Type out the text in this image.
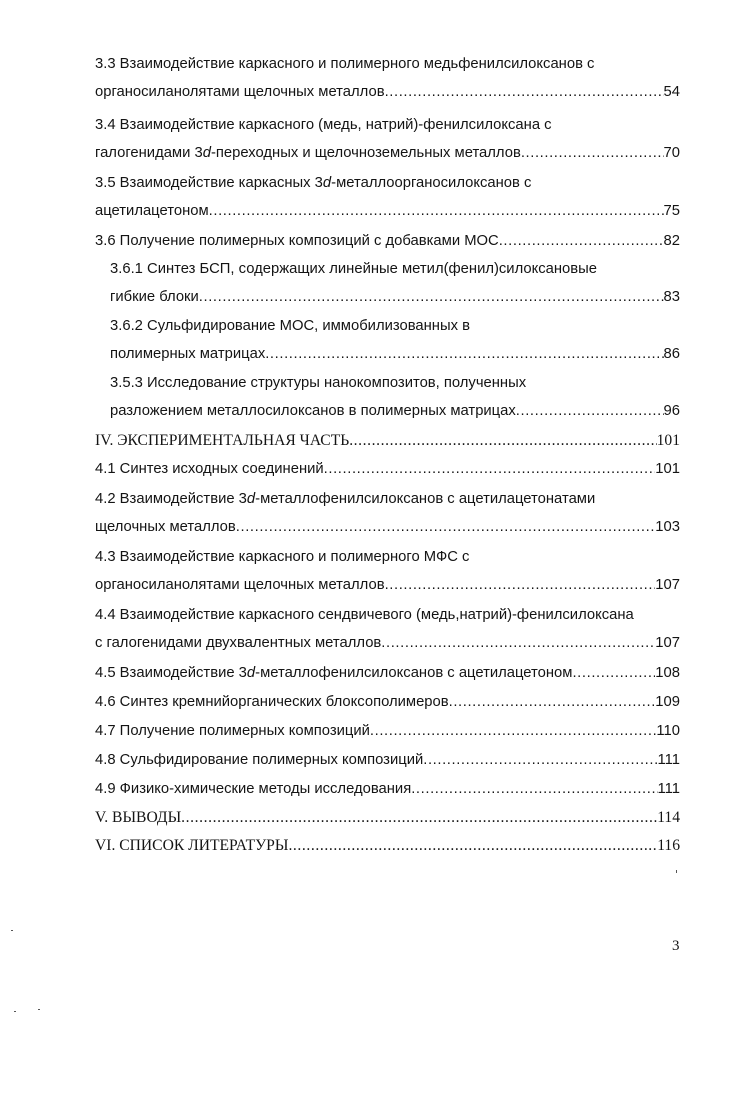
3.3 Взаимодействие каркасного и полимерного медьфенилсилоксанов с
органосиланолятами щелочных металлов .....	54
3.4 Взаимодействие каркасного (медь, натрий)-фенилсилоксана с
галогенидами 3d-переходных и щелочноземельных металлов .....	70
3.5 Взаимодействие каркасных 3 d -металлоорганосилоксанов с
ацетилацетоном .....	75
3.6 Получение полимерных композиций с добавками МОС .....	82
3.6.1 Синтез БСП, содержащих линейные метил(фенил)силоксановые
гибкие блоки .....	83
3.6.2 Сульфидирование МОС, иммобилизованных в
полимерных матрицах .....	86
3.5.3 Исследование структуры нанокомпозитов, полученных
разложением металлосилоксанов в полимерных матрицах .....	96
IV. ЭКСПЕРИМЕНТАЛЬНАЯ ЧАСТЬ .....	101
4.1 Синтез исходных соединений .....	101
4.2 Взаимодействие 3 d -металлофенилсилоксанов с ацетилацетонатами
щелочных металлов .....	103
4.3 Взаимодействие каркасного и полимерного МФС с
органосиланолятами щелочных металлов .....	107
4.4 Взаимодействие каркасного сендвичевого (медь,натрий)-фенилсилоксана
с галогенидами двухвалентных металлов .....	107
4.5 Взаимодействие 3d-металлофенилсилоксанов с ацетилацетоном .....	108
4.6 Синтез кремнийорганических блоксополимеров .....	109
4.7 Получение полимерных композиций .....	110
4.8 Сульфидирование полимерных композиций .....	111
4.9 Физико-химические методы исследования .....	111
V. ВЫВОДЫ .....	114
VI. СПИСОК ЛИТЕРАТУРЫ .....	116
3
